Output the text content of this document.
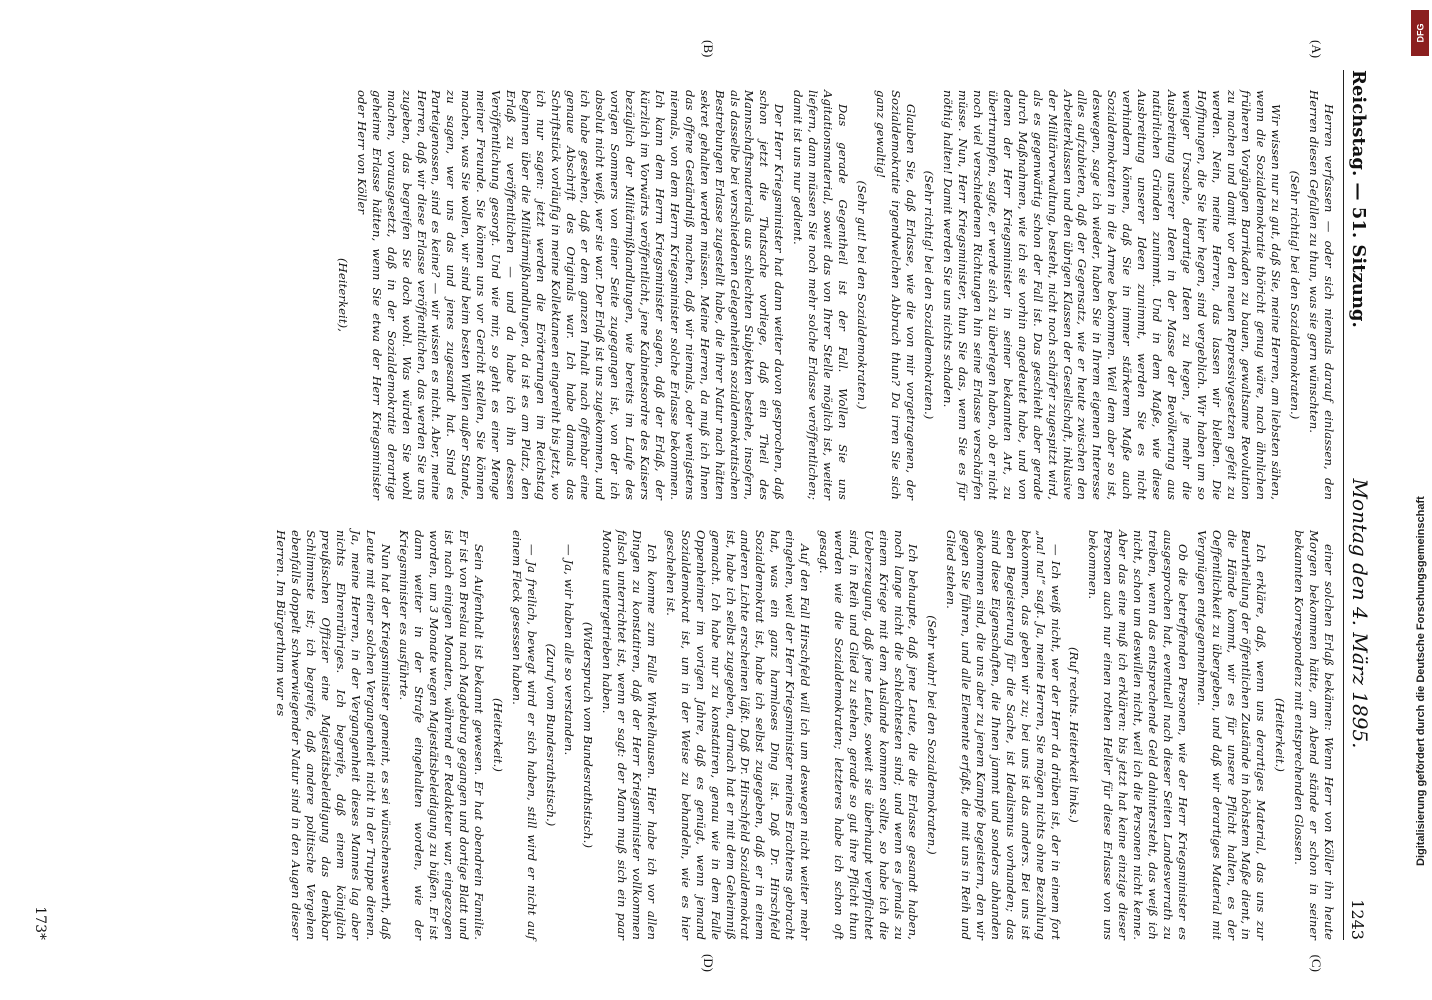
Reichstag. — 51. Sitzung.
Montag den 4. März 1895.
1243
(A)
(B)
(C)
(D)

Herren verfassen — oder sich niemals darauf einlassen, den Herren diesen Gefallen zu thun, was sie gern wünschten.

(Sehr richtig! bei den Sozialdemokraten.)

Wir wissen nur zu gut, daß Sie, meine Herren, am liebsten sähen, wenn die Sozialdemokratie thöricht genug wäre, nach ähnlichen früheren Vorgängen Barrikaden zu bauen, gewaltsame Revolution zu machen und damit vor den neuen Repressivgesetzen gefeit zu werden. Nein, meine Herren, das lassen wir bleiben. Die Hoffnungen, die Sie hier hegen, sind vergeblich. Wir haben um so weniger Ursache, derartige Ideen zu hegen, je mehr die Ausbreitung unserer Ideen in der Masse der Bevölkerung aus natürlichen Gründen zunimmt. Und in dem Maße, wie diese Ausbreitung unserer Ideen zunimmt, werden Sie es nicht verhindern können, daß Sie in immer stärkerem Maße auch Sozialdemokraten in die Armee bekommen. Weil dem aber so ist, deswegen, sage ich wieder, haben Sie in Ihrem eigenen Interesse alles aufzubieten, daß der Gegensatz, wie er heute zwischen den Arbeiterklassen und den übrigen Klassen der Gesellschaft, inklusive der Militärverwaltung, besteht, nicht noch schärfer zugespitzt wird, als es gegenwärtig schon der Fall ist. Das geschieht aber gerade durch Maßnahmen, wie ich sie vorhin angedeutet habe, und von denen der Herr Kriegsminister in seiner bekannten Art, zu übertrumpfen, sagte, er werde sich zu überlegen haben, ob er nicht noch viel verschiedenen Richtungen hin seine Erlasse verschärfen müsse. Nun, Herr Kriegsminister, thun Sie das, wenn Sie es für nöthig halten! Damit werden Sie uns nichts schaden.

(Sehr richtig! bei den Sozialdemokraten.)

Glauben Sie, daß Erlasse, wie die von mir vorgetragenen, der Sozialdemokratie irgendwelchen Abbruch thun? Da irren Sie sich ganz gewaltig!

(Sehr gut! bei den Sozialdemokraten.)

Das gerade Gegentheil ist der Fall. Wollen Sie uns Agitationsmaterial, soweit das von Ihrer Stelle möglich ist, weiter liefern, dann müssen Sie noch mehr solche Erlasse veröffentlichen; damit ist uns nur gedient.

Der Herr Kriegsminister hat dann weiter davon gesprochen, daß schon jetzt die Thatsache vorliege, daß ein Theil des Mannschaftsmaterials aus schlechten Subjekten bestehe, insofern, als dasselbe bei verschiedenen Gelegenheiten sozialdemokratischen Bestrebungen Erlasse zugestellt habe, die ihrer Natur nach hätten sekret gehalten werden müssen. Meine Herren, da muß ich Ihnen das offene Geständniß machen, daß wir niemals, oder wenigstens niemals, von dem Herrn Kriegsminister solche Erlasse bekommen. Ich kann dem Herrn Kriegsminister sagen, daß der Erlaß, der kürzlich im Vorwärts veröffentlicht, jene Kabinetsordre des Kaisers bezüglich der Militärmißhandlungen, wie bereits im Laufe des vorigen Sommers von einer Seite zugegangen ist, von der ich absolut nicht weiß, wer sie war. Der Erlaß ist uns zugekommen, und ich habe gesehen, daß er dem ganzen Inhalt nach offenbar eine genaue Abschrift des Originals war. Ich habe damals das Schriftstück vorläufig in meine Kollektaneen eingereiht bis jetzt, wo ich nur sagen: jetzt werden die Erörterungen im Reichstag beginnen über die Militärmißhandlungen, da ist es am Platz, den Erlaß zu veröffentlichen — und da habe ich ihn dessen Veröffentlichung gesorgt. Und wie mir, so geht es einer Menge meiner Freunde. Sie können uns vor Gericht stellen, Sie können machen, was Sie wollen, wir sind beim besten Willen außer Stande, zu sagen, wer uns das und jenes zugesandt hat. Sind es Parteigenossen, sind es keine? — wir wissen es nicht. Aber, meine Herren, daß wir diese Erlasse veröffentlichen, das werden Sie uns zugeben, das begreifen Sie doch wohl. Was würden Sie wohl machen, vorausgesetzt, daß in der Sozialdemokratie derartige geheime Erlasse hätten, wenn Sie etwa der Herr Kriegsminister oder Herr von Köller

(Heiterkeit),

einer solchen Erlaß bekämen: Wenn Herr von Köller ihn heute Morgen bekommen hätte, am Abend stände er schon in seiner bekannten Korrespondenz mit entsprechenden Glossen.

(Heiterkeit.)

Ich erkläre, daß, wenn uns derartiges Material, das uns zur Beurtheilung der öffentlichen Zustände in höchstem Maße dient, in die Hände kommt, wir es für unsere Pflicht halten, es der Oeffentlichkeit zu übergeben, und daß wir derartiges Material mit Vergnügen entgegennehmen.

Ob die betreffenden Personen, wie der Herr Kriegsminister es ausgesprochen hat, eventuell nach dieser Seiten Landesverrath zu treiben, wenn das entsprechende Geld dahintersteht, das weiß ich nicht, schon um deswillen nicht, weil ich die Personen nicht kenne. Aber das eine muß ich erklären: bis jetzt hat keine einzige dieser Personen auch nur einen rothen Heller für diese Erlasse von uns bekommen.

(Ruf rechts. Heiterkeit links.)

— Ich weiß nicht, wer der Herr da drüben ist, der in einem fort „na! na!“ sagt. Ja, meine Herren, Sie mögen nichts ohne Bezahlung bekommen, das geben wir zu; bei uns ist das anders. Bei uns ist eben Begeisterung für die Sache, ist Idealismus vorhanden; das sind diese Eigenschaften, die Ihnen jammt und sonders abhanden gekommen sind, die uns aber zu jenem Kampfe begeistern, den wir gegen Sie führen, und alle Elemente erfaßt, die mit uns in Reih und Glied stehen.

(Sehr wahr! bei den Sozialdemokraten.)

Ich behaupte, daß jene Leute, die die Erlasse gesandt haben, noch lange nicht die schlechtesten sind; und wenn es jemals zu einem Kriege mit dem Auslande kommen sollte, so habe ich die Ueberzeugung, daß jene Leute, soweit sie überhaupt verpflichtet sind, in Reih und Glied zu stehen, gerade so gut ihre Pflicht thun werden wie die Sozialdemokraten; letzteres habe ich schon oft gesagt.

Auf den Fall Hirschfeld will ich um deswegen nicht weiter mehr eingehen, weil der Herr Kriegsminister meines Erachtens gebracht hat, was ein ganz harmloses Ding ist. Daß Dr. Hirschfeld Sozialdemokrat ist, habe ich selbst zugegeben, daß er in einem anderen Lichte erscheinen läßt. Daß Dr. Hirschfeld Sozialdemokrat ist, habe ich selbst zugegeben, darnach hat er mit dem Geheimniß gemacht. Ich habe nur zu konstatiren, genau wie in dem Falle Oppenheimer im vorigen Jahre, daß es genügt, wenn jemand Sozialdemokrat ist, um in der Weise zu behandeln, wie es hier geschehen ist.

Ich komme zum Falle Winkelhausen. Hier habe ich vor allen Dingen zu konstatiren, daß der Herr Kriegsminister vollkommen falsch unterrichtet ist, wenn er sagt: der Mann muß sich ein paar Monate untergetrieben haben.

(Widerspruch vom Bundesrathstisch.)

— Ja, wir haben alle so verstanden.

(Zuruf vom Bundesrathstisch.)

— Ja freilich, bewegt wird er sich haben, still wird er nicht auf einem Fleck gesessen haben.

(Heiterkeit.)

Sein Aufenthalt ist bekannt gewesen. Er hat obendrein Familie. Er ist von Breslau nach Magdeburg gegangen und dortige Blatt und ist nach einigen Monaten, während er Redakteur war, eingezogen worden, um 3 Monate wegen Majestätsbeleidigung zu büßen. Er ist dann weiter in der Strafe eingehalten worden, wie der Kriegsminister es ausführte.

Nun hat der Kriegsminister gemeint, es sei wünschenswerth, daß Leute mit einer solchen Vergangenheit nicht in der Truppe dienen. Ja, meine Herren, in der Vergangenheit dieses Mannes lag aber nichts Ehrenrühriges. Ich begreife, daß einem königlich preußischen Offizier eine Majestätsbeleidigung das denkbar Schlimmste ist; ich begreife, daß andere politische Vergehen ebenfalls doppelt schwerwiegender Natur sind in den Augen dieser Herren. Im Bürgerthum war es

173*
DFG
Digitalisierung gefördert durch die Deutsche Forschungsgemeinschaft
